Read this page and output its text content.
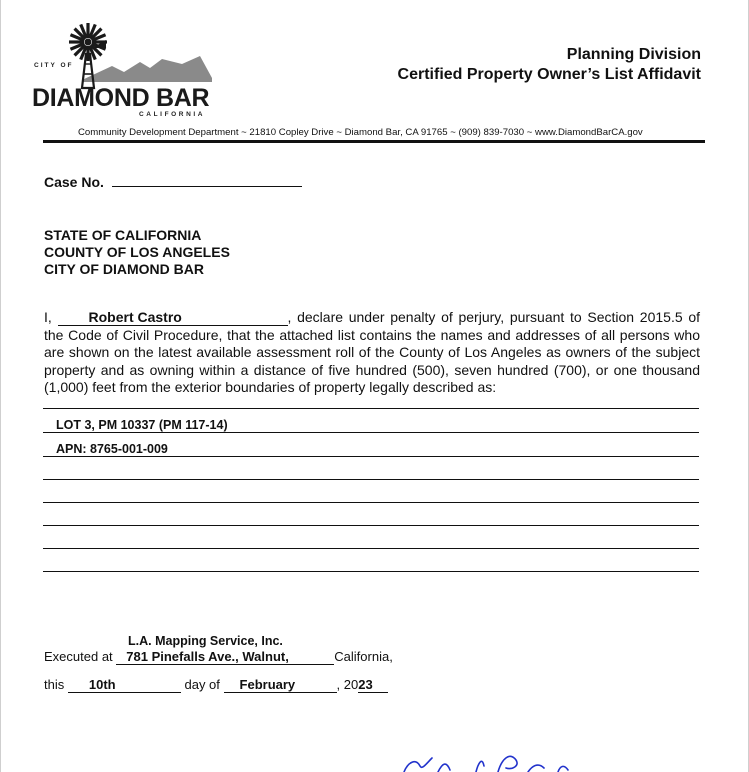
CITY OF
DIAMOND BAR
CALIFORNIA
Planning Division
Certified Property Owner’s List Affidavit
Community Development Department ~ 21810 Copley Drive ~ Diamond Bar, CA 91765 ~ (909) 839-7030 ~ www.DiamondBarCA.gov
Case No.
STATE OF CALIFORNIA
COUNTY OF LOS ANGELES
CITY OF DIAMOND BAR
I,	Robert Castro	, declare under penalty of perjury, pursuant to Section 2015.5 of the Code of Civil Procedure, that the attached list contains the names and addresses of all persons who are shown on the latest available assessment roll of the County of Los Angeles as owners of the subject property and as owning within a distance of five hundred (500), seven hundred (700), or one thousand (1,000) feet from the exterior boundaries of property legally described as:
LOT 3, PM 10337 (PM 117-14)
APN: 8765-001-009
L.A. Mapping Service, Inc.
Executed at 781 Pinefalls Ave., Walnut,	California,
this 10th	day of February	, 2023
